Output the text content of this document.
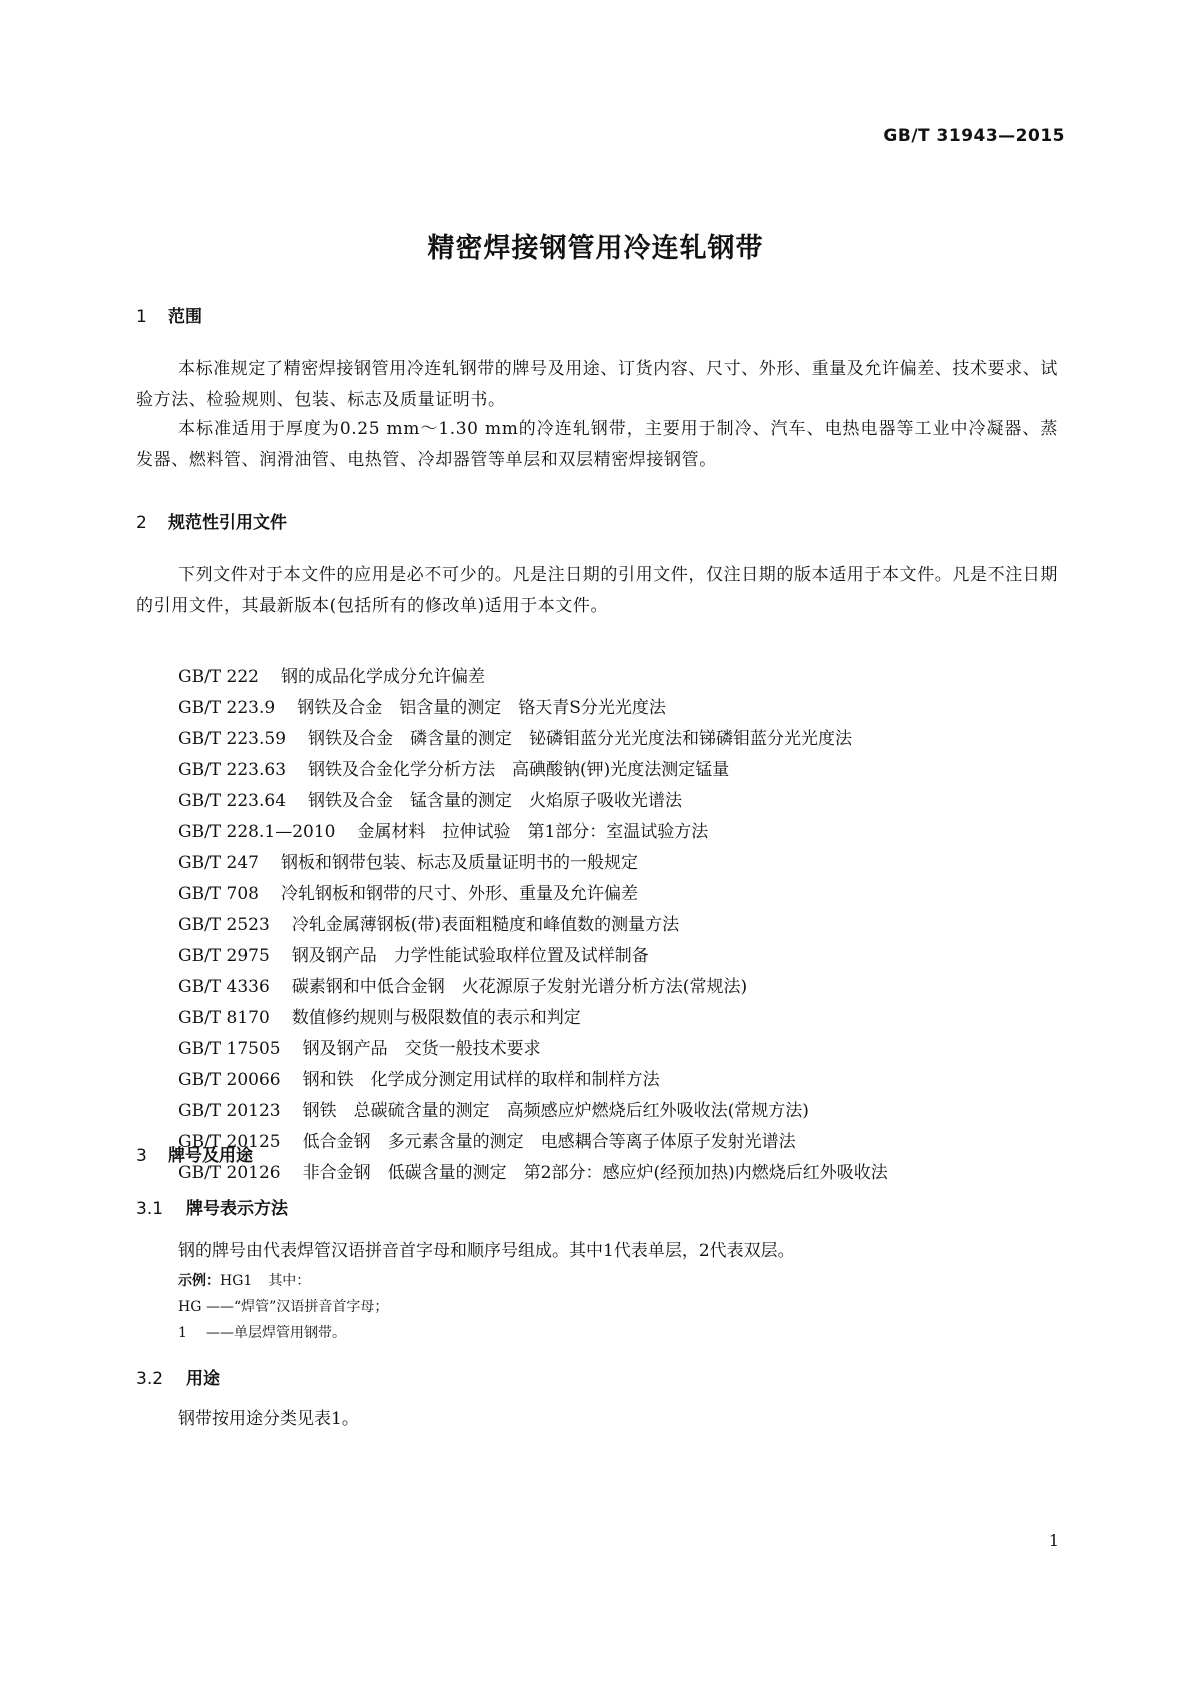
GB/T 31943—2015
精密焊接钢管用冷连轧钢带
1 范围
本标准规定了精密焊接钢管用冷连轧钢带的牌号及用途、订货内容、尺寸、外形、重量及允许偏差、技术要求、试验方法、检验规则、包装、标志及质量证明书。
本标准适用于厚度为0.25 mm～1.30 mm的冷连轧钢带，主要用于制冷、汽车、电热电器等工业中冷凝器、蒸发器、燃料管、润滑油管、电热管、冷却器管等单层和双层精密焊接钢管。
2 规范性引用文件
下列文件对于本文件的应用是必不可少的。凡是注日期的引用文件，仅注日期的版本适用于本文件。凡是不注日期的引用文件，其最新版本(包括所有的修改单)适用于本文件。
GB/T 222 钢的成品化学成分允许偏差
GB/T 223.9 钢铁及合金　铝含量的测定　铬天青S分光光度法
GB/T 223.59 钢铁及合金　磷含量的测定　铋磷钼蓝分光光度法和锑磷钼蓝分光光度法
GB/T 223.63 钢铁及合金化学分析方法　高碘酸钠(钾)光度法测定锰量
GB/T 223.64 钢铁及合金　锰含量的测定　火焰原子吸收光谱法
GB/T 228.1—2010 金属材料　拉伸试验　第1部分：室温试验方法
GB/T 247 钢板和钢带包装、标志及质量证明书的一般规定
GB/T 708 冷轧钢板和钢带的尺寸、外形、重量及允许偏差
GB/T 2523 冷轧金属薄钢板(带)表面粗糙度和峰值数的测量方法
GB/T 2975 钢及钢产品　力学性能试验取样位置及试样制备
GB/T 4336 碳素钢和中低合金钢　火花源原子发射光谱分析方法(常规法)
GB/T 8170 数值修约规则与极限数值的表示和判定
GB/T 17505 钢及钢产品　交货一般技术要求
GB/T 20066 钢和铁　化学成分测定用试样的取样和制样方法
GB/T 20123 钢铁　总碳硫含量的测定　高频感应炉燃烧后红外吸收法(常规方法)
GB/T 20125 低合金钢　多元素含量的测定　电感耦合等离子体原子发射光谱法
GB/T 20126 非合金钢　低碳含量的测定　第2部分：感应炉(经预加热)内燃烧后红外吸收法
3 牌号及用途
3.1 牌号表示方法
钢的牌号由代表焊管汉语拼音首字母和顺序号组成。其中1代表单层，2代表双层。
示例：HG1 其中：
HG ——“焊管”汉语拼音首字母；
1 ——单层焊管用钢带。
3.2 用途
钢带按用途分类见表1。
1
